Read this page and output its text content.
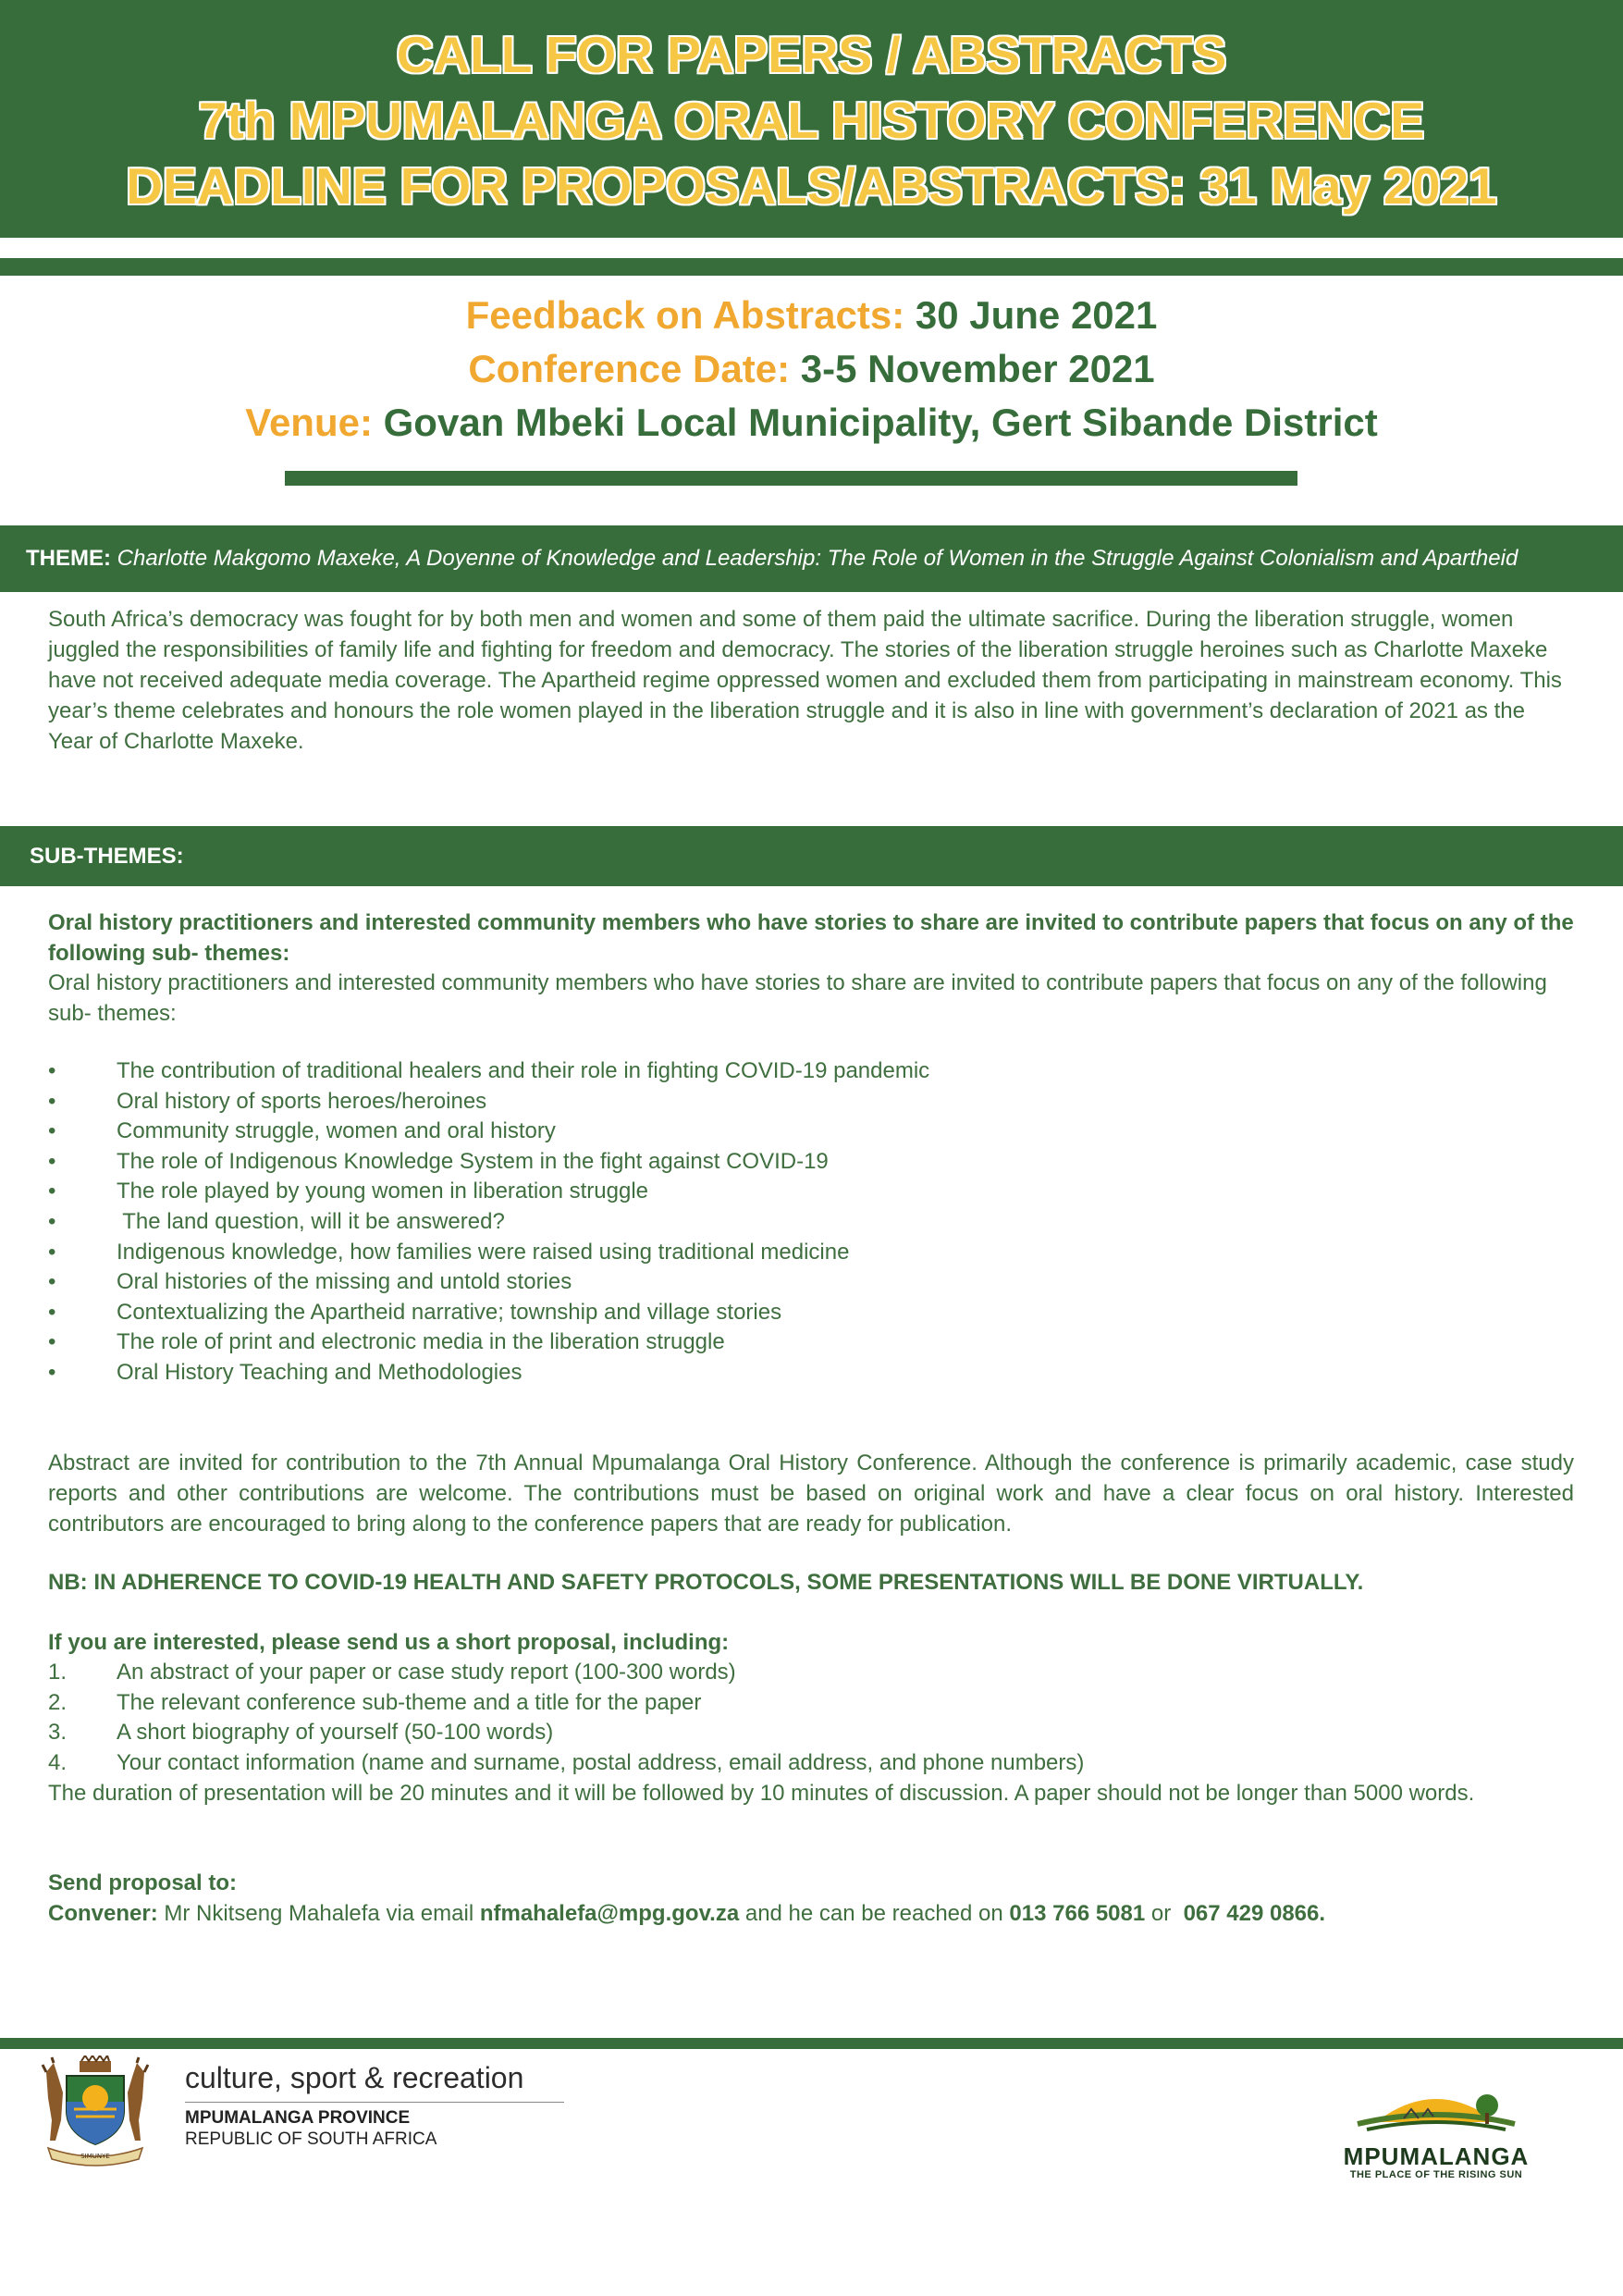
CALL FOR PAPERS / ABSTRACTS
7th MPUMALANGA ORAL HISTORY CONFERENCE
DEADLINE FOR PROPOSALS/ABSTRACTS: 31 May 2021
Feedback on Abstracts: 30 June 2021
Conference Date: 3-5 November 2021
Venue: Govan Mbeki Local Municipality, Gert Sibande District
THEME: Charlotte Makgomo Maxeke, A Doyenne of Knowledge and Leadership: The Role of Women in the Struggle Against Colonialism and Apartheid

South Africa’s democracy was fought for by both men and women and some of them paid the ultimate sacrifice. During the liberation struggle, women juggled the responsibilities of family life and fighting for freedom and democracy. The stories of the liberation struggle heroines such as Charlotte Maxeke have not received adequate media coverage. The Apartheid regime oppressed women and excluded them from participating in mainstream economy. This year’s theme celebrates and honours the role women played in the liberation struggle and it is also in line with government’s declaration of 2021 as the Year of Charlotte Maxeke.

SUB-THEMES:

Oral history practitioners and interested community members who have stories to share are invited to contribute papers that focus on any of the following sub- themes:

Oral history practitioners and interested community members who have stories to share are invited to contribute papers that focus on any of the following sub- themes:

•	The contribution of traditional healers and their role in fighting COVID-19 pandemic
•	Oral history of sports heroes/heroines
•	Community struggle, women and oral history
•	The role of Indigenous Knowledge System in the fight against COVID-19
•	The role played by young women in liberation struggle
•	The land question, will it be answered?
•	Indigenous knowledge, how families were raised using traditional medicine
•	Oral histories of the missing and untold stories
•	Contextualizing the Apartheid narrative; township and village stories
•	The role of print and electronic media in the liberation struggle
•	Oral History Teaching and Methodologies

Abstract are invited for contribution to the 7th Annual Mpumalanga Oral History Conference. Although the conference is primarily academic, case study reports and other contributions are welcome. The contributions must be based on original work and have a clear focus on oral history. Interested contributors are encouraged to bring along to the conference papers that are ready for publication.

NB: IN ADHERENCE TO COVID-19 HEALTH AND SAFETY PROTOCOLS, SOME PRESENTATIONS WILL BE DONE VIRTUALLY.

If you are interested, please send us a short proposal, including:

1. An abstract of your paper or case study report (100-300 words)
2. The relevant conference sub-theme and a title for the paper
3. A short biography of yourself (50-100 words)
4. Your contact information (name and surname, postal address, email address, and phone numbers)

The duration of presentation will be 20 minutes and it will be followed by 10 minutes of discussion. A paper should not be longer than 5000 words.

Send proposal to:

Convener: Mr Nkitseng Mahalefa via email nfmahalefa@mpg.gov.za and he can be reached on 013 766 5081 or  067 429 0866.

SIMUNYE
culture, sport & recreation
MPUMALANGA PROVINCE
REPUBLIC OF SOUTH AFRICA
MPUMALANGA
THE PLACE OF THE RISING SUN
